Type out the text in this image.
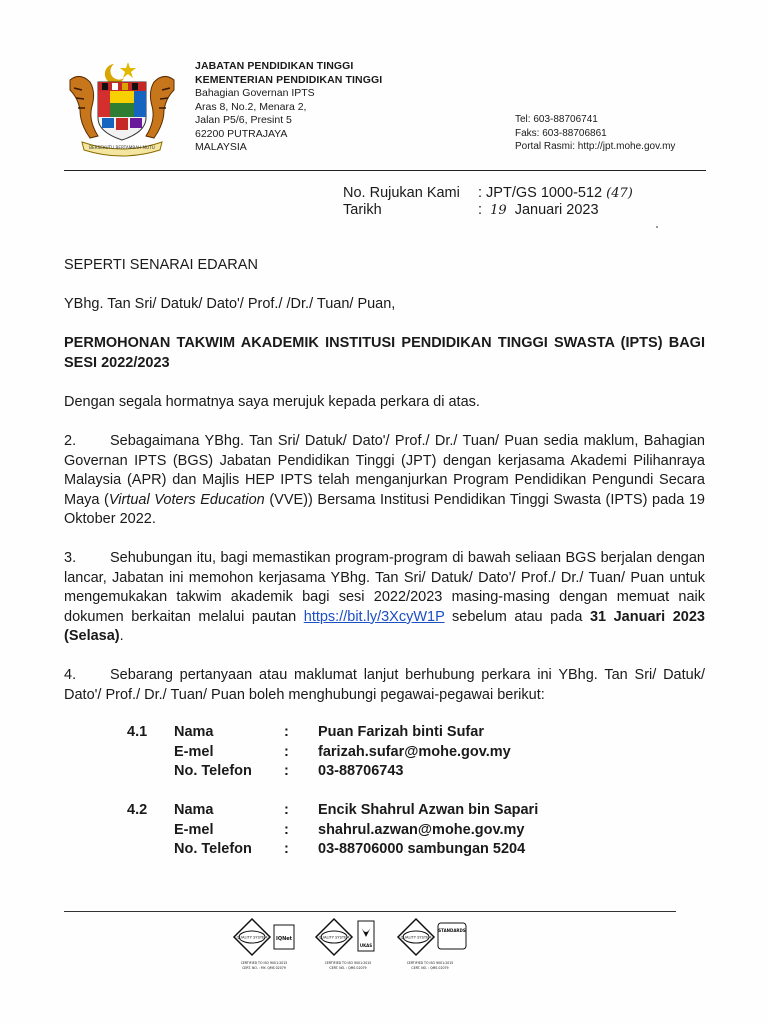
BERSEKUTU BERTAMBAH MUTU
JABATAN PENDIDIKAN TINGGI
KEMENTERIAN PENDIDIKAN TINGGI
Bahagian Governan IPTS
Aras 8, No.2, Menara 2,
Jalan P5/6, Presint 5
62200 PUTRAJAYA
MALAYSIA
Tel: 603-88706741
Faks: 603-88706861
Portal Rasmi: http://jpt.mohe.gov.my
No. Rujukan Kami	: JPT/GS 1000-512
(47)
Tarikh	:
19
Januari 2023
SEPERTI SENARAI EDARAN
YBhg. Tan Sri/ Datuk/ Dato'/ Prof./ /Dr./ Tuan/ Puan,
PERMOHONAN TAKWIM AKADEMIK INSTITUSI PENDIDIKAN TINGGI SWASTA (IPTS) BAGI SESI 2022/2023
Dengan segala hormatnya saya merujuk kepada perkara di atas.
2. Sebagaimana YBhg. Tan Sri/ Datuk/ Dato'/ Prof./ Dr./ Tuan/ Puan sedia maklum, Bahagian Governan IPTS (BGS) Jabatan Pendidikan Tinggi (JPT) dengan kerjasama Akademi Pilihanraya Malaysia (APR) dan Majlis HEP IPTS telah menganjurkan Program Pendidikan Pengundi Secara Maya (Virtual Voters Education (VVE)) Bersama Institusi Pendidikan Tinggi Swasta (IPTS) pada 19 Oktober 2022.
3. Sehubungan itu, bagi memastikan program-program di bawah seliaan BGS berjalan dengan lancar, Jabatan ini memohon kerjasama YBhg. Tan Sri/ Datuk/ Dato'/ Prof./ Dr./ Tuan/ Puan untuk mengemukakan takwim akademik bagi sesi 2022/2023 masing-masing dengan memuat naik dokumen berkaitan melalui pautan https://bit.ly/3XcyW1P sebelum atau pada 31 Januari 2023 (Selasa).
4. Sebarang pertanyaan atau maklumat lanjut berhubung perkara ini YBhg. Tan Sri/ Datuk/ Dato'/ Prof./ Dr./ Tuan/ Puan boleh menghubungi pegawai-pegawai berikut:
4.1	Nama	:	Puan Farizah binti Sufar
	E-mel	:	farizah.sufar@mohe.gov.my
	No. Telefon	:	03-88706743
4.2	Nama	:	Encik Shahrul Azwan bin Sapari
	E-mel	:	shahrul.azwan@mohe.gov.my
	No. Telefon	:	03-88706000 sambungan 5204
QUALITY SYSTEM IQNet
CERTIFIED TO ISO 9001:2015
CERT. NO. : MY- QMS 02079
QUALITY SYSTEM
UKAS
CERTIFIED TO ISO 9001:2015
CERT. NO. : QMS 02079
QUALITY SYSTEM
STANDARDS
CERTIFIED TO ISO 9001:2015
CERT. NO. : QMS 02079
